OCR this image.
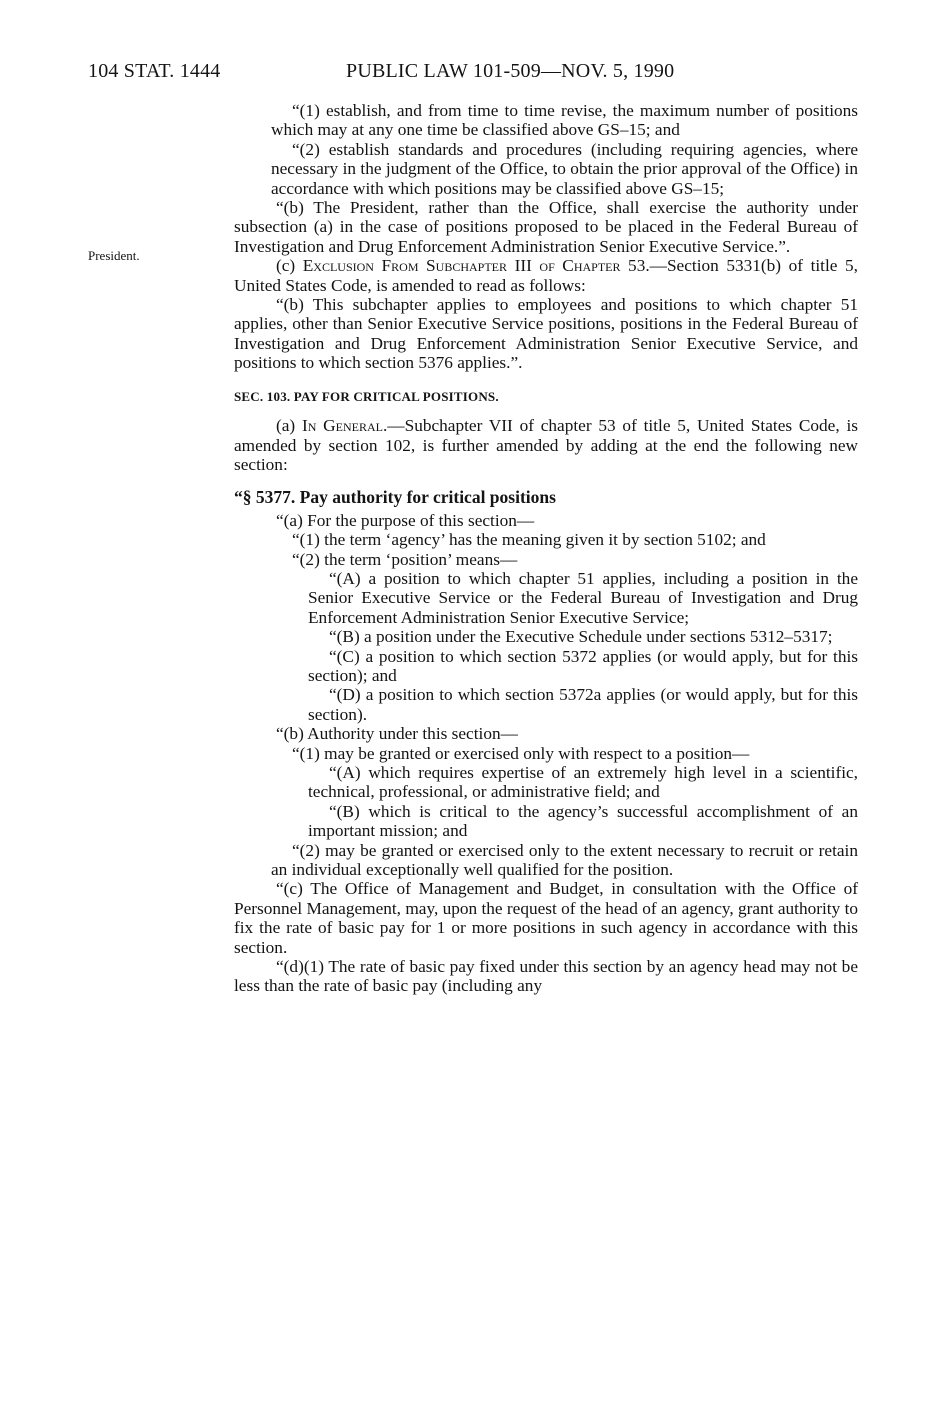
104 STAT. 1444	PUBLIC LAW 101-509—NOV. 5, 1990
President.

“(1) establish, and from time to time revise, the maximum number of positions which may at any one time be classified above GS–15; and

“(2) establish standards and procedures (including requiring agencies, where necessary in the judgment of the Office, to obtain the prior approval of the Office) in accordance with which positions may be classified above GS–15;

“(b) The President, rather than the Office, shall exercise the authority under subsection (a) in the case of positions proposed to be placed in the Federal Bureau of Investigation and Drug Enforcement Administration Senior Executive Service.”.

(c) Exclusion From Subchapter III of Chapter 53.—Section 5331(b) of title 5, United States Code, is amended to read as follows:

“(b) This subchapter applies to employees and positions to which chapter 51 applies, other than Senior Executive Service positions, positions in the Federal Bureau of Investigation and Drug Enforcement Administration Senior Executive Service, and positions to which section 5376 applies.”.

SEC. 103. PAY FOR CRITICAL POSITIONS.

(a) In General.—Subchapter VII of chapter 53 of title 5, United States Code, is amended by section 102, is further amended by adding at the end the following new section:

“§ 5377. Pay authority for critical positions

“(a) For the purpose of this section—

“(1) the term ‘agency’ has the meaning given it by section 5102; and

“(2) the term ‘position’ means—

“(A) a position to which chapter 51 applies, including a position in the Senior Executive Service or the Federal Bureau of Investigation and Drug Enforcement Administration Senior Executive Service;

“(B) a position under the Executive Schedule under sections 5312–5317;

“(C) a position to which section 5372 applies (or would apply, but for this section); and

“(D) a position to which section 5372a applies (or would apply, but for this section).

“(b) Authority under this section—

“(1) may be granted or exercised only with respect to a position—

“(A) which requires expertise of an extremely high level in a scientific, technical, professional, or administrative field; and

“(B) which is critical to the agency’s successful accomplishment of an important mission; and

“(2) may be granted or exercised only to the extent necessary to recruit or retain an individual exceptionally well qualified for the position.

“(c) The Office of Management and Budget, in consultation with the Office of Personnel Management, may, upon the request of the head of an agency, grant authority to fix the rate of basic pay for 1 or more positions in such agency in accordance with this section.

“(d)(1) The rate of basic pay fixed under this section by an agency head may not be less than the rate of basic pay (including any
